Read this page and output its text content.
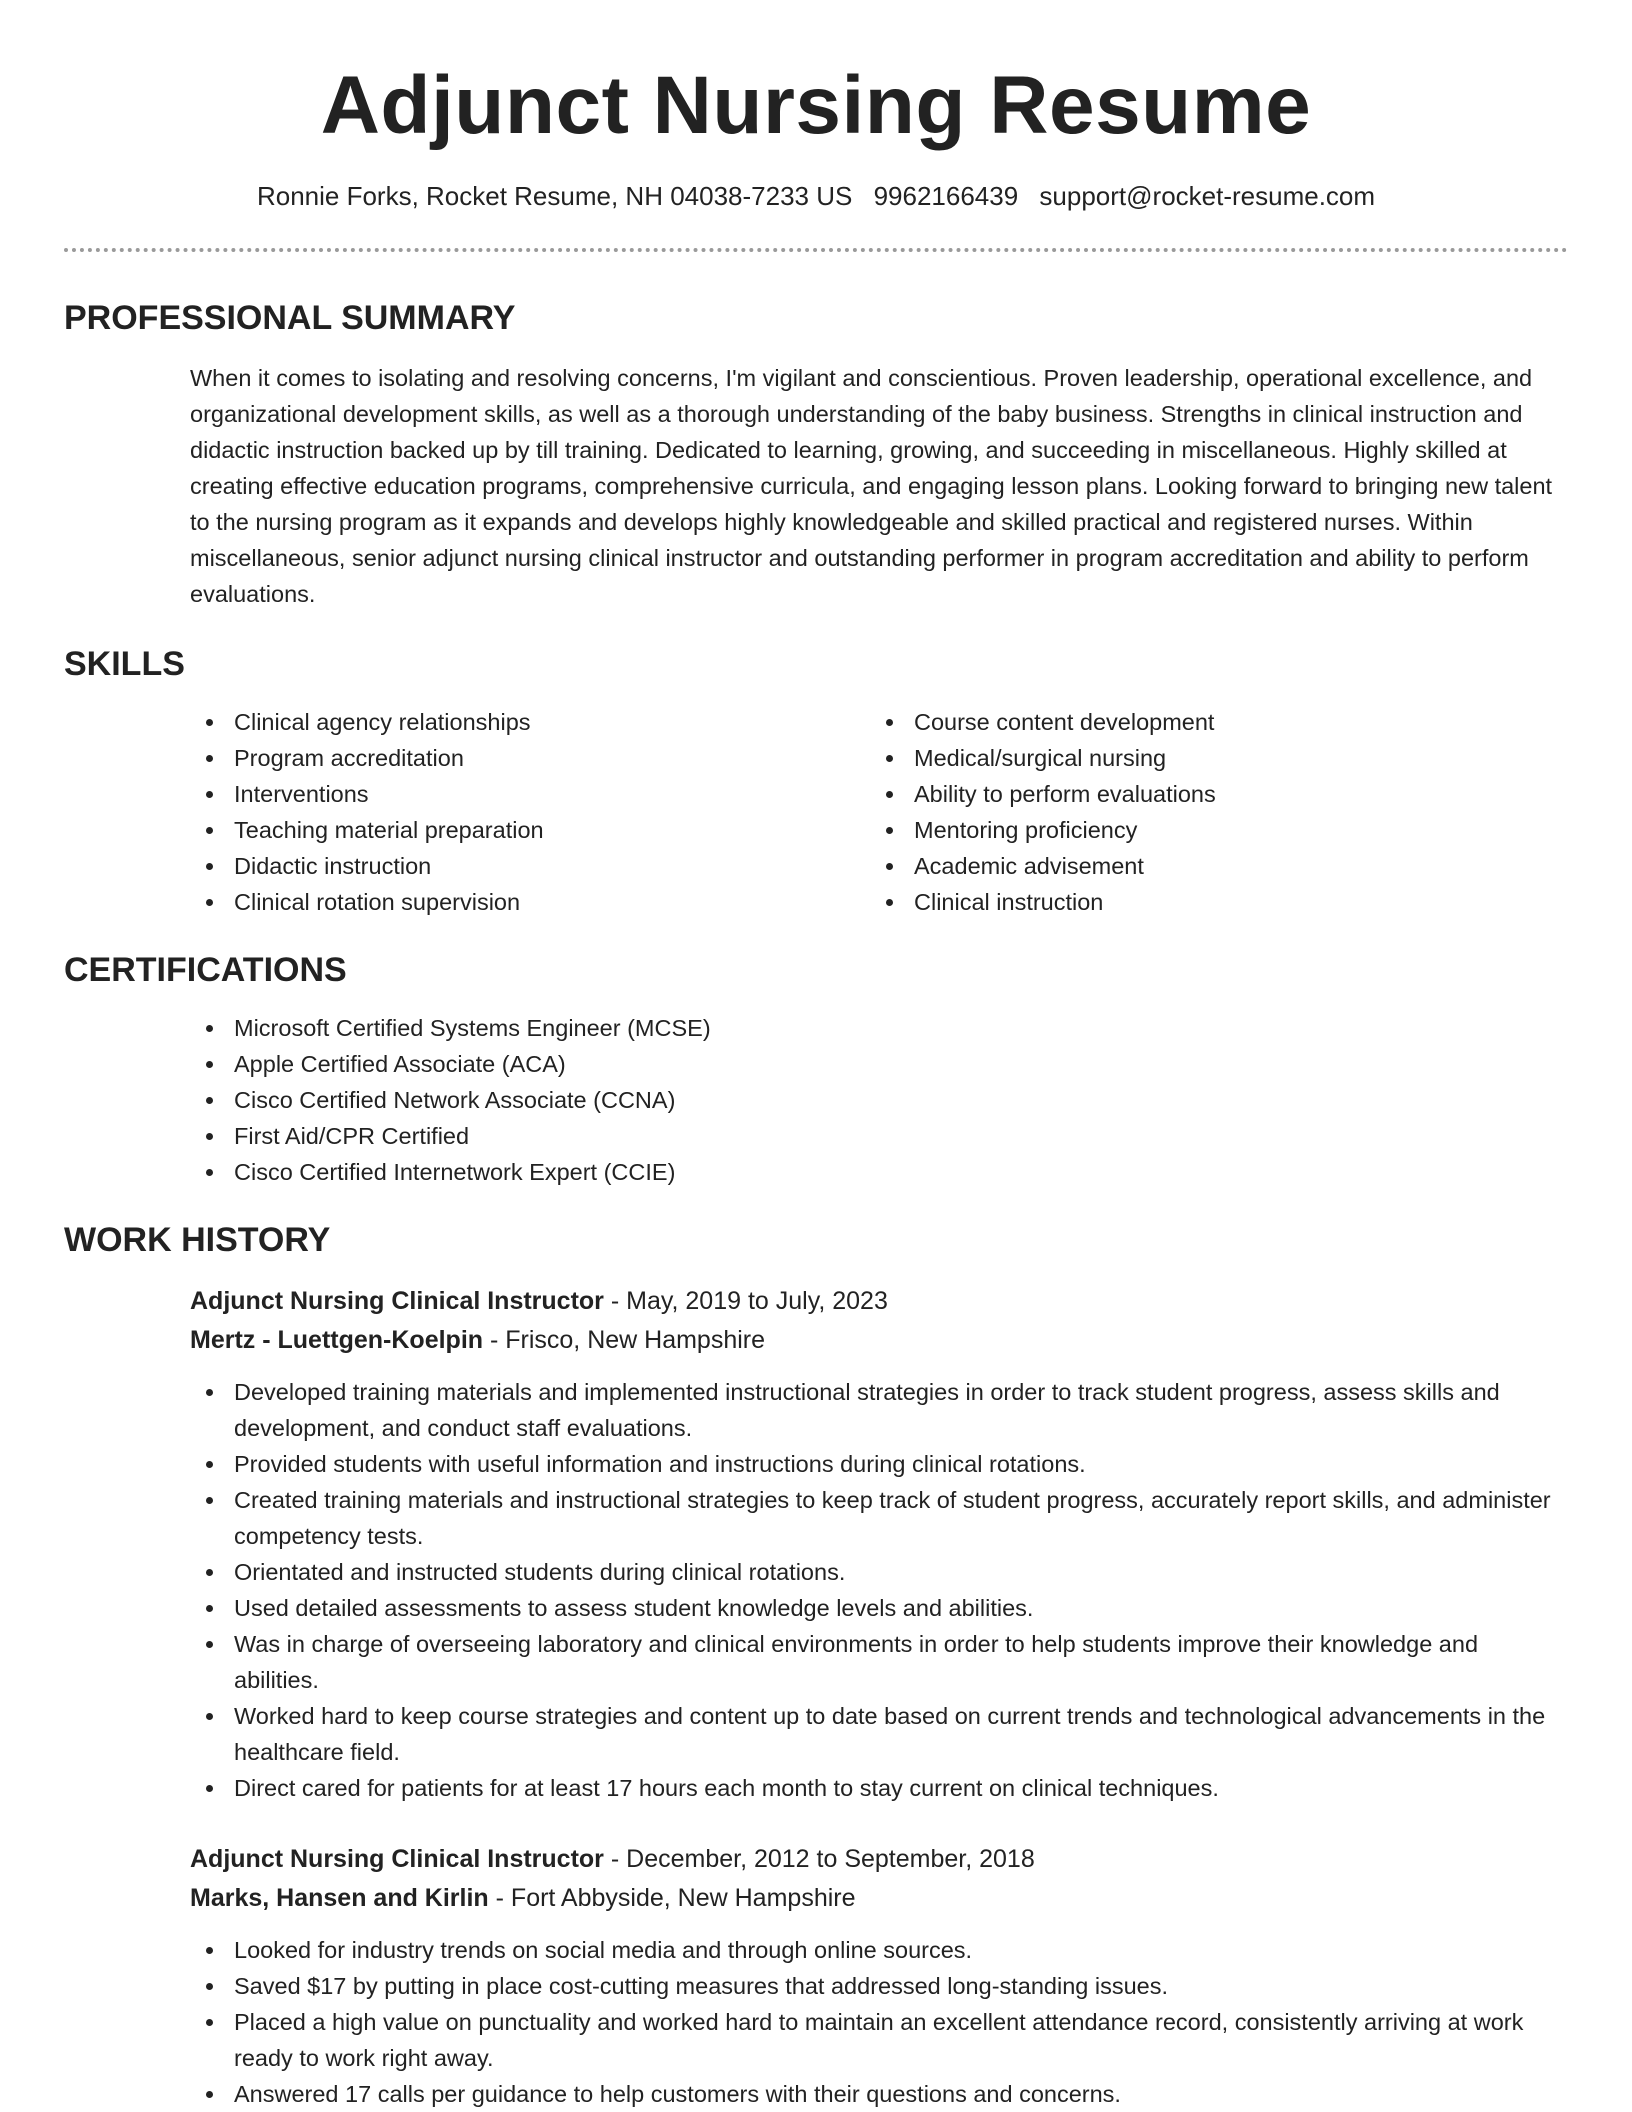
Adjunct Nursing Resume
Ronnie Forks, Rocket Resume, NH 04038-7233 US 9962166439 support@rocket-resume.com
PROFESSIONAL SUMMARY

When it comes to isolating and resolving concerns, I'm vigilant and conscientious. Proven leadership, operational excellence, and organizational development skills, as well as a thorough understanding of the baby business. Strengths in clinical instruction and didactic instruction backed up by till training. Dedicated to learning, growing, and succeeding in miscellaneous. Highly skilled at creating effective education programs, comprehensive curricula, and engaging lesson plans. Looking forward to bringing new talent to the nursing program as it expands and develops highly knowledgeable and skilled practical and registered nurses. Within miscellaneous, senior adjunct nursing clinical instructor and outstanding performer in program accreditation and ability to perform evaluations.

SKILLS
Clinical agency relationships
Program accreditation
Interventions
Teaching material preparation
Didactic instruction
Clinical rotation supervision
Course content development
Medical/surgical nursing
Ability to perform evaluations
Mentoring proficiency
Academic advisement
Clinical instruction
CERTIFICATIONS
Microsoft Certified Systems Engineer (MCSE)
Apple Certified Associate (ACA)
Cisco Certified Network Associate (CCNA)
First Aid/CPR Certified
Cisco Certified Internetwork Expert (CCIE)
WORK HISTORY
Adjunct Nursing Clinical Instructor - May, 2019 to July, 2023
Mertz - Luettgen-Koelpin - Frisco, New Hampshire
Developed training materials and implemented instructional strategies in order to track student progress, assess skills and development, and conduct staff evaluations.
Provided students with useful information and instructions during clinical rotations.
Created training materials and instructional strategies to keep track of student progress, accurately report skills, and administer competency tests.
Orientated and instructed students during clinical rotations.
Used detailed assessments to assess student knowledge levels and abilities.
Was in charge of overseeing laboratory and clinical environments in order to help students improve their knowledge and abilities.
Worked hard to keep course strategies and content up to date based on current trends and technological advancements in the healthcare field.
Direct cared for patients for at least 17 hours each month to stay current on clinical techniques.
Adjunct Nursing Clinical Instructor - December, 2012 to September, 2018
Marks, Hansen and Kirlin - Fort Abbyside, New Hampshire
Looked for industry trends on social media and through online sources.
Saved $17 by putting in place cost-cutting measures that addressed long-standing issues.
Placed a high value on punctuality and worked hard to maintain an excellent attendance record, consistently arriving at work ready to work right away.
Answered 17 calls per guidance to help customers with their questions and concerns.
